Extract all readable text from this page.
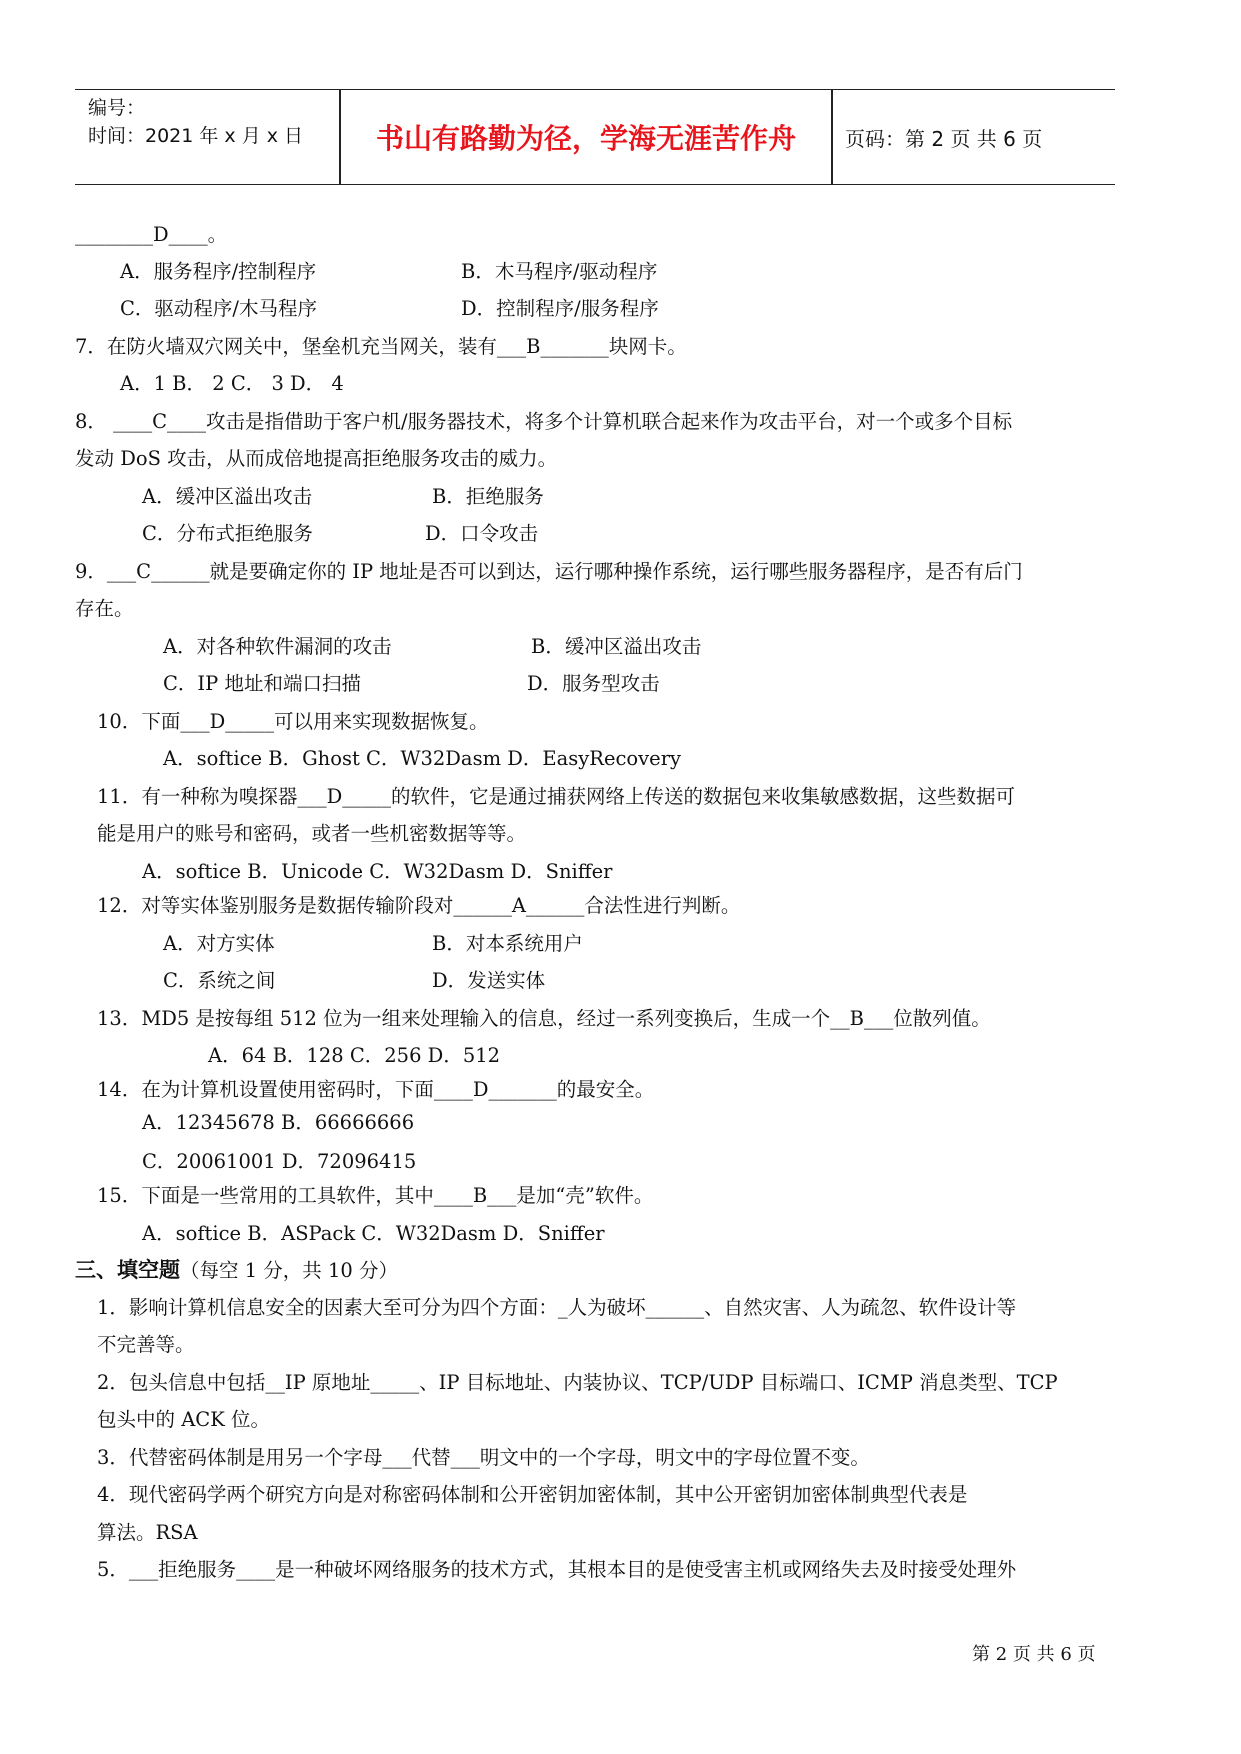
编号：
时间：2021 年 x 月 x 日	书山有路勤为径，学海无涯苦作舟	页码：第 2 页 共 6 页
________D____。
A．服务程序/控制程序	B．木马程序/驱动程序
C．驱动程序/木马程序	D．控制程序/服务程序
7．在防火墙双穴网关中，堡垒机充当网关，装有___B_______块网卡。
A．1 B． 2 C． 3 D． 4
8． ____C____攻击是指借助于客户机/服务器技术，将多个计算机联合起来作为攻击平台，对一个或多个目标
发动 DoS 攻击，从而成倍地提高拒绝服务攻击的威力。
A．缓冲区溢出攻击	B．拒绝服务
C．分布式拒绝服务	D．口令攻击
9．___C______就是要确定你的 IP 地址是否可以到达，运行哪种操作系统，运行哪些服务器程序，是否有后门
存在。
A．对各种软件漏洞的攻击	B．缓冲区溢出攻击
C．IP 地址和端口扫描	D．服务型攻击
10．下面___D_____可以用来实现数据恢复。
A．softice B．Ghost C．W32Dasm D．EasyRecovery
11．有一种称为嗅探器___D_____的软件，它是通过捕获网络上传送的数据包来收集敏感数据，这些数据可
能是用户的账号和密码，或者一些机密数据等等。
A．softice B．Unicode C．W32Dasm D．Sniffer
12．对等实体鉴别服务是数据传输阶段对______A______合法性进行判断。
A．对方实体	B．对本系统用户
C．系统之间	D．发送实体
13．MD5 是按每组 512 位为一组来处理输入的信息，经过一系列变换后，生成一个__B___位散列值。
A．64 B．128 C．256 D．512
14．在为计算机设置使用密码时，下面____D_______的最安全。
A．12345678 B．66666666
C．20061001 D．72096415
15．下面是一些常用的工具软件，其中____B___是加“壳”软件。
A．softice B．ASPack C．W32Dasm D．Sniffer
1．影响计算机信息安全的因素大至可分为四个方面：_人为破坏______、自然灾害、人为疏忽、软件设计等
不完善等。
2．包头信息中包括__IP 原地址_____、IP 目标地址、内装协议、TCP/UDP 目标端口、ICMP 消息类型、TCP
包头中的 ACK 位。
3．代替密码体制是用另一个字母___代替___明文中的一个字母，明文中的字母位置不变。
4．现代密码学两个研究方向是对称密码体制和公开密钥加密体制，其中公开密钥加密体制典型代表是
算法。RSA
5．___拒绝服务____是一种破坏网络服务的技术方式，其根本目的是使受害主机或网络失去及时接受处理外
三、填空题（每空 1 分，共 10 分）
第 2 页 共 6 页
